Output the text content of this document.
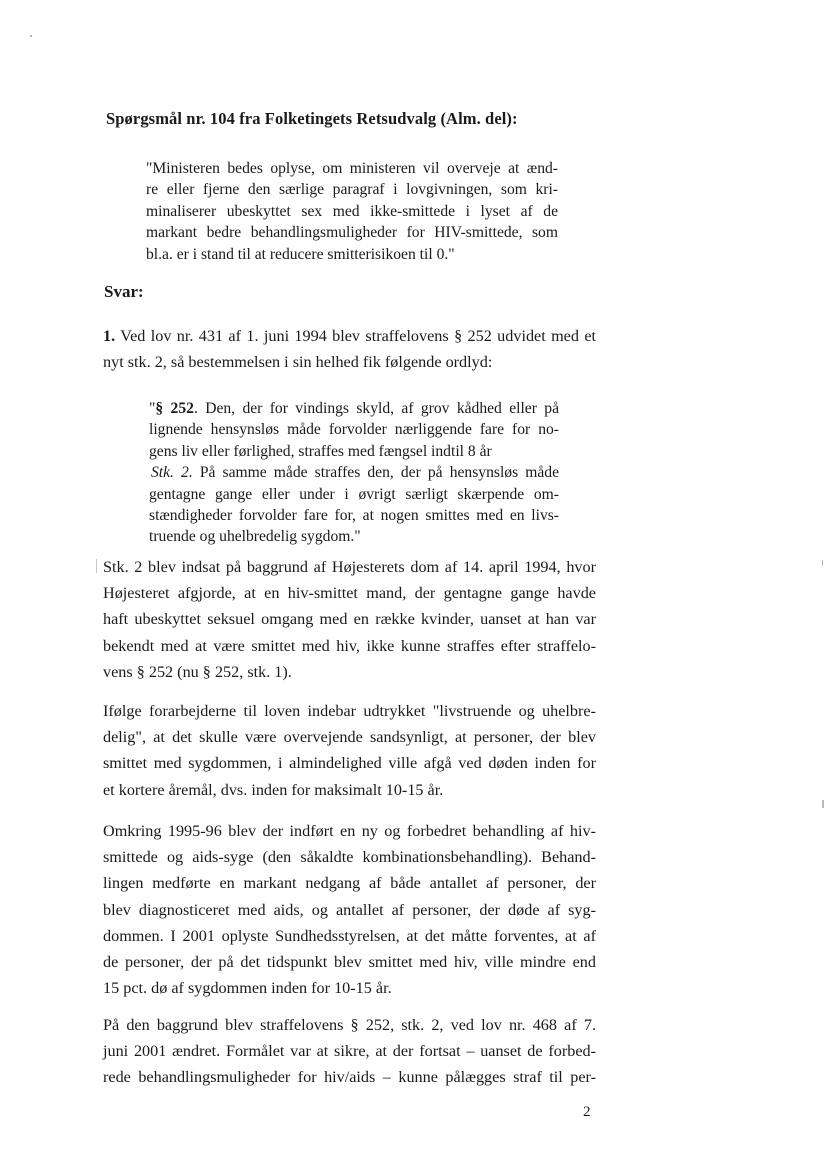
Spørgsmål nr. 104 fra Folketingets Retsudvalg (Alm. del):
"Ministeren bedes oplyse, om ministeren vil overveje at ænd-
re eller fjerne den særlige paragraf i lovgivningen, som kri-
minaliserer ubeskyttet sex med ikke-smittede i lyset af de
markant bedre behandlingsmuligheder for HIV-smittede, som
bl.a. er i stand til at reducere smitterisikoen til 0."
Svar:
1. Ved lov nr. 431 af 1. juni 1994 blev straffelovens § 252 udvidet med et
nyt stk. 2, så bestemmelsen i sin helhed fik følgende ordlyd:
"§ 252. Den, der for vindings skyld, af grov kådhed eller på
lignende hensynsløs måde forvolder nærliggende fare for no-
gens liv eller førlighed, straffes med fængsel indtil 8 år
Stk. 2. På samme måde straffes den, der på hensynsløs måde
gentagne gange eller under i øvrigt særligt skærpende om-
stændigheder forvolder fare for, at nogen smittes med en livs-
truende og uhelbredelig sygdom."
Stk. 2 blev indsat på baggrund af Højesterets dom af 14. april 1994, hvor
Højesteret afgjorde, at en hiv-smittet mand, der gentagne gange havde
haft ubeskyttet seksuel omgang med en række kvinder, uanset at han var
bekendt med at være smittet med hiv, ikke kunne straffes efter straffelo-
vens § 252 (nu § 252, stk. 1).
Ifølge forarbejderne til loven indebar udtrykket "livstruende og uhelbre-
delig", at det skulle være overvejende sandsynligt, at personer, der blev
smittet med sygdommen, i almindelighed ville afgå ved døden inden for
et kortere åremål, dvs. inden for maksimalt 10-15 år.
Omkring 1995-96 blev der indført en ny og forbedret behandling af hiv-
smittede og aids-syge (den såkaldte kombinationsbehandling). Behand-
lingen medførte en markant nedgang af både antallet af personer, der
blev diagnosticeret med aids, og antallet af personer, der døde af syg-
dommen. I 2001 oplyste Sundhedsstyrelsen, at det måtte forventes, at af
de personer, der på det tidspunkt blev smittet med hiv, ville mindre end
15 pct. dø af sygdommen inden for 10-15 år.
På den baggrund blev straffelovens § 252, stk. 2, ved lov nr. 468 af 7.
juni 2001 ændret. Formålet var at sikre, at der fortsat – uanset de forbed-
rede behandlingsmuligheder for hiv/aids – kunne pålægges straf til per-
2
